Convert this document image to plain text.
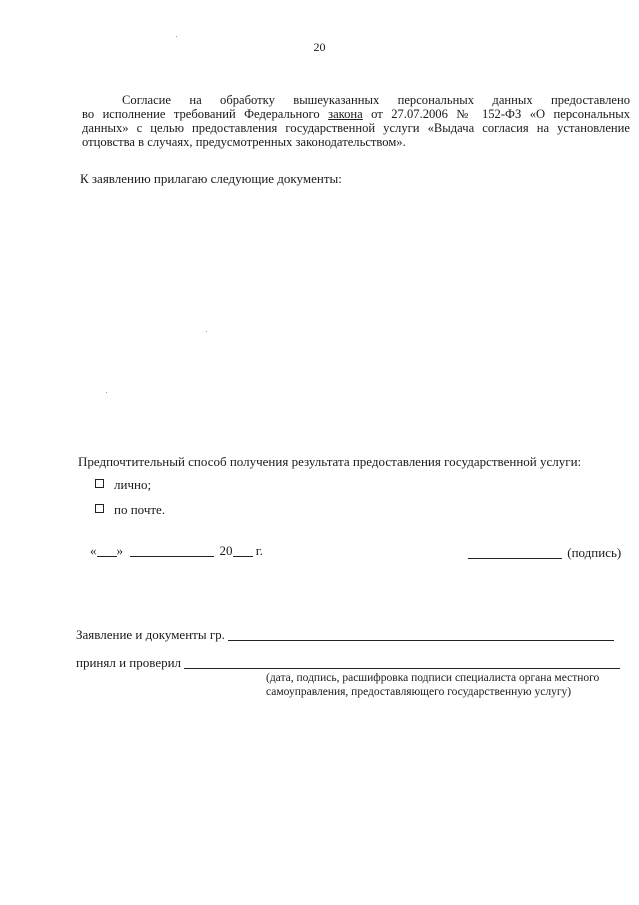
20
Согласие на обработку вышеуказанных персональных данных предоставлено
во исполнение требований Федерального закона от 27.07.2006 № 152-ФЗ «О персональных
данных» с целью предоставления государственной услуги «Выдача согласия на установление
отцовства в случаях, предусмотренных законодательством».
К заявлению прилагаю следующие документы:
Предпочтительный способ получения результата предоставления государственной услуги:
лично;
по почте.
« »	20 г.	(подпись)
Заявление и документы гр.
принял и проверил
(дата, подпись, расшифровка подписи специалиста органа местного
самоуправления, предоставляющего государственную услугу)
